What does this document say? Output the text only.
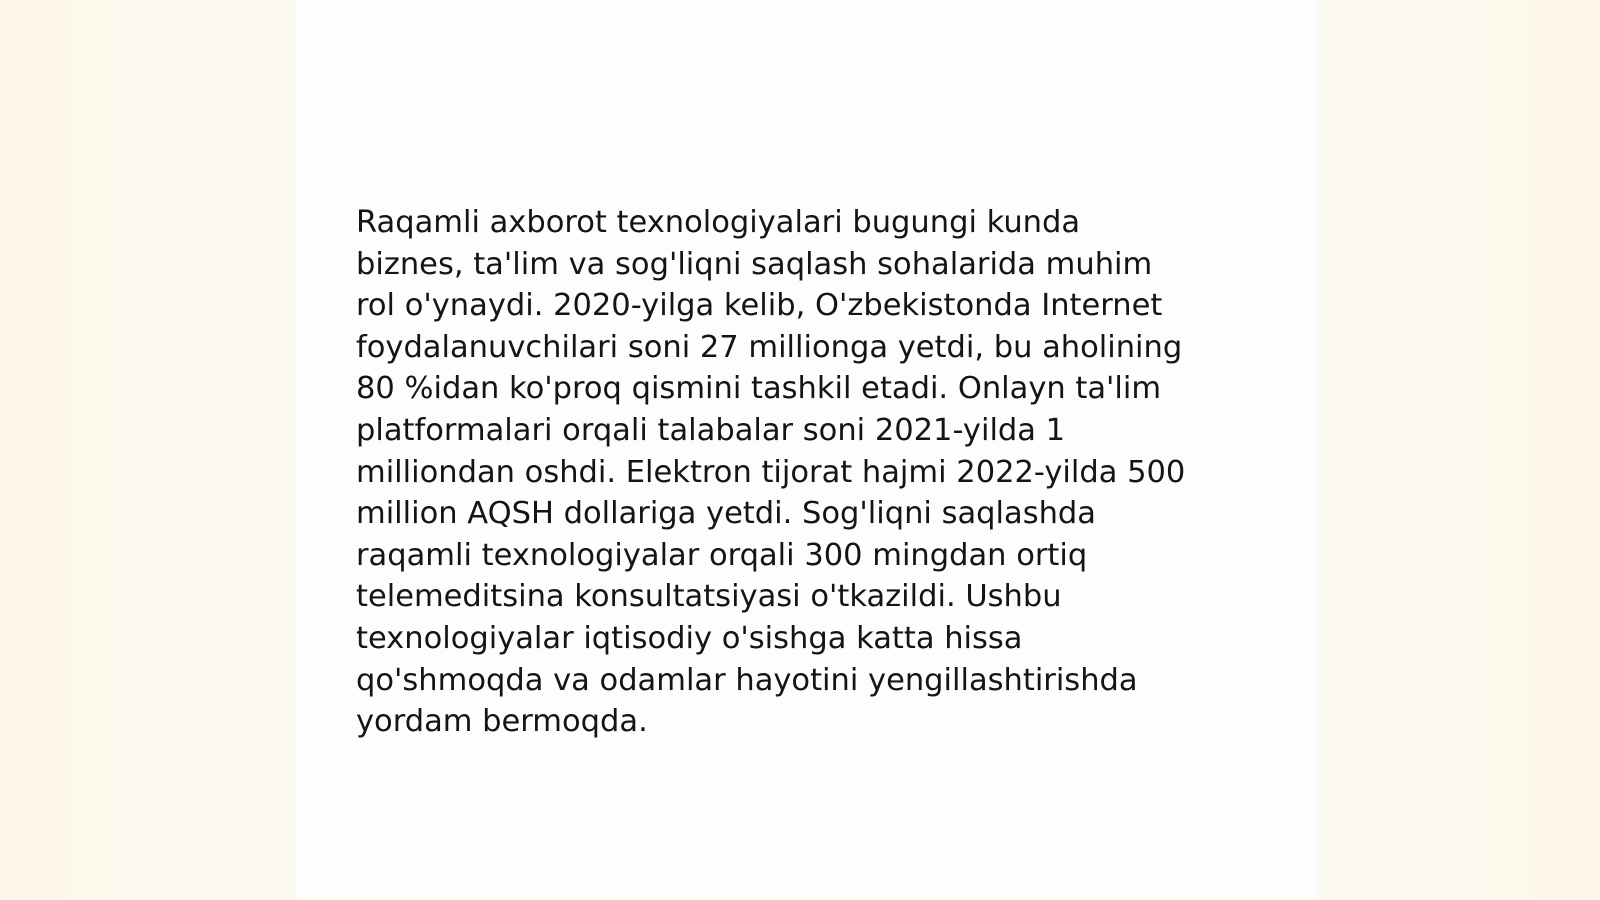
Raqamli axborot texnologiyalari bugungi kunda
biznes, ta'lim va sog'liqni saqlash sohalarida muhim
rol o'ynaydi. 2020-yilga kelib, O'zbekistonda Internet
foydalanuvchilari soni 27 millionga yetdi, bu aholining
80 %idan ko'proq qismini tashkil etadi. Onlayn ta'lim
platformalari orqali talabalar soni 2021-yilda 1
milliondan oshdi. Elektron tijorat hajmi 2022-yilda 500
million AQSH dollariga yetdi. Sog'liqni saqlashda
raqamli texnologiyalar orqali 300 mingdan ortiq
telemeditsina konsultatsiyasi o'tkazildi. Ushbu
texnologiyalar iqtisodiy o'sishga katta hissa
qo'shmoqda va odamlar hayotini yengillashtirishda
yordam bermoqda.
